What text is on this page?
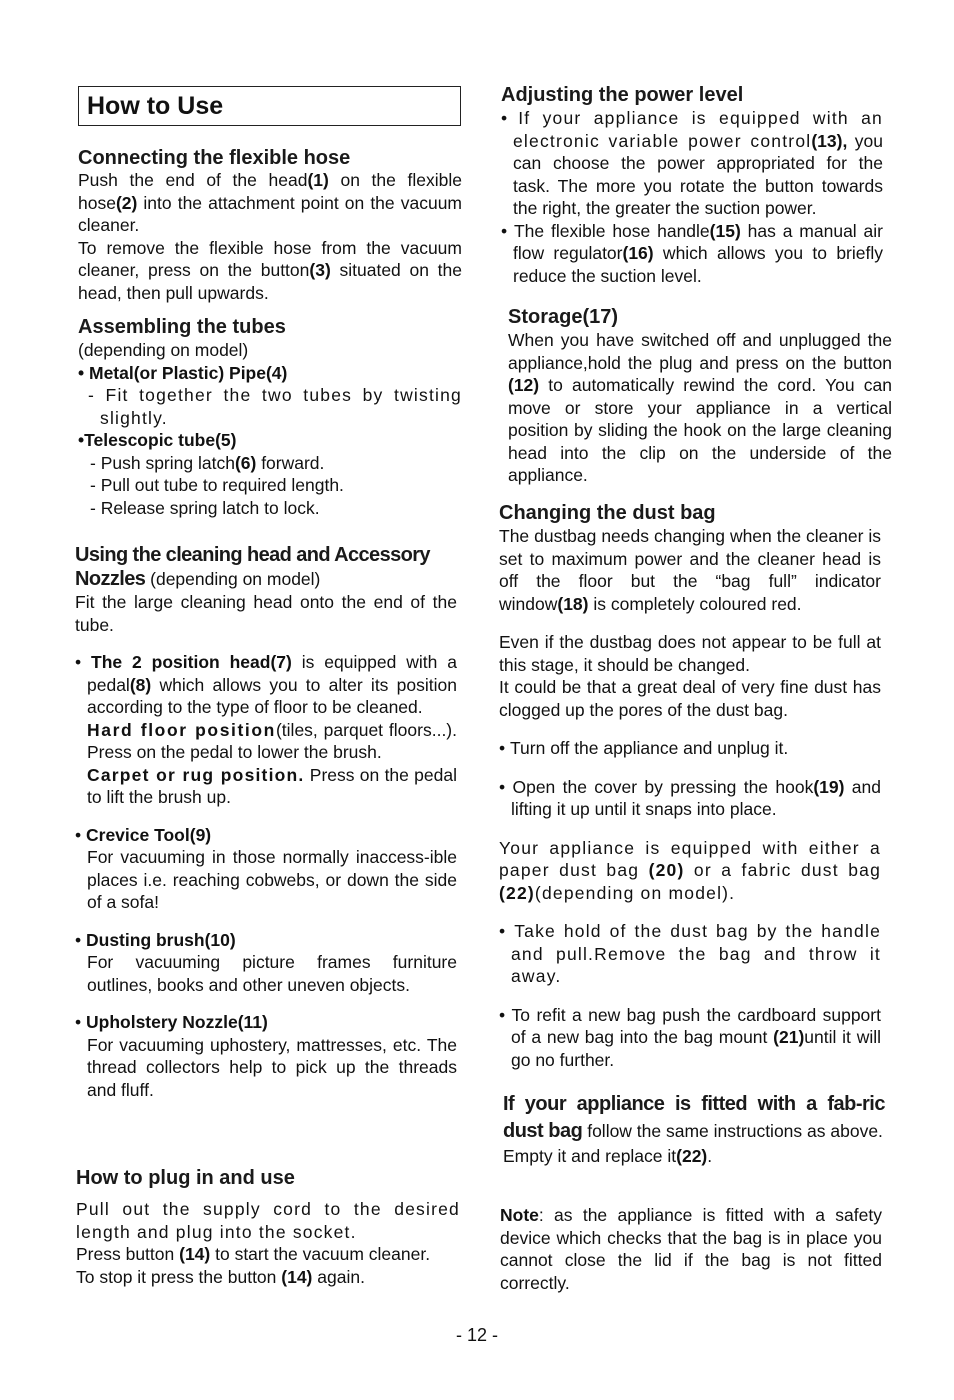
How to Use

Connecting the flexible hose

Push the end of the head(1) on the flexible hose(2) into the attachment point on the vacuum cleaner.

To remove the flexible hose from the vacuum cleaner, press on the button(3) situated on the head, then pull upwards.

Assembling the tubes

(depending on model)

• Metal(or Plastic) Pipe(4)

- Fit together the two tubes by twisting slightly.

•Telescopic tube(5)

- Push spring latch(6) forward.

- Pull out tube to required length.

- Release spring latch to lock.

Using the cleaning head and Accessory Nozzles (depending on model)

Fit the large cleaning head onto the end of the tube.

• The 2 position head(7) is equipped with a pedal(8) which allows you to alter its position according to the type of floor to be cleaned.

Hard floor position(tiles, parquet floors...). Press on the pedal to lower the brush.

Carpet or rug position. Press on the pedal to lift the brush up.

• Crevice Tool(9)

For vacuuming in those normally inaccess-ible places i.e. reaching cobwebs, or down the side of a sofa!

• Dusting brush(10)

For vacuuming picture frames furniture outlines, books and other uneven objects.

• Upholstery Nozzle(11)

For vacuuming uphostery, mattresses, etc. The thread collectors help to pick up the threads and fluff.

How to plug in and use

Pull out the supply cord to the desired length and plug into the socket.

Press button (14) to start the vacuum cleaner.

To stop it press the button (14) again.

Adjusting the power level

• If your appliance is equipped with an electronic variable power control(13), you can choose the power appropriated for the task. The more you rotate the button towards the right, the greater the suction power.

• The flexible hose handle(15) has a manual air flow regulator(16) which allows you to briefly reduce the suction level.

Storage(17)

When you have switched off and unplugged the appliance,hold the plug and press on the button (12) to automatically rewind the cord. You can move or store your appliance in a vertical position by sliding the hook on the large cleaning head into the clip on the underside of the appliance.

Changing the dust bag

The dustbag needs changing when the cleaner is set to maximum power and the cleaner head is off the floor but the “bag full” indicator window(18) is completely coloured red.

Even if the dustbag does not appear to be full at this stage, it should be changed.

It could be that a great deal of very fine dust has clogged up the pores of the dust bag.

• Turn off the appliance and unplug it.

• Open the cover by pressing the hook(19) and lifting it up until it snaps into place.

Your appliance is equipped with either a paper dust bag (20) or a fabric dust bag (22)(depending on model).

• Take hold of the dust bag by the handle and pull.Remove the bag and throw it away.

• To refit a new bag push the cardboard support of a new bag into the bag mount (21)until it will go no further.

If your appliance is fitted with a fab-ric dust bag follow the same instructions as above.

Empty it and replace it(22).

Note: as the appliance is fitted with a safety device which checks that the bag is in place you cannot close the lid if the bag is not fitted correctly.

- 12 -
